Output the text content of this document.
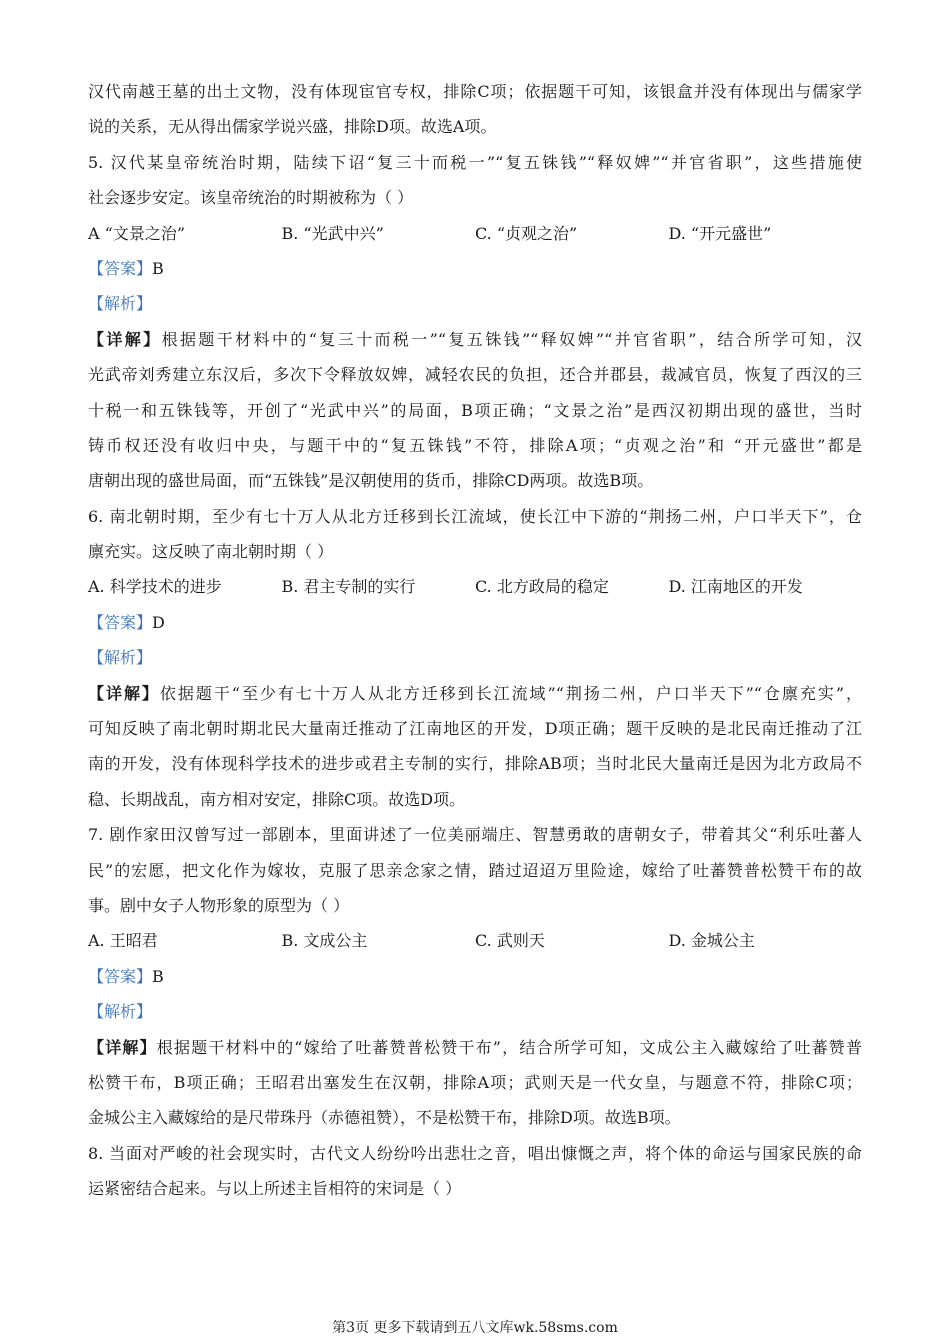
汉代南越王墓的出土文物，没有体现宦官专权，排除C项；依据题干可知，该银盒并没有体现出与儒家学
说的关系，无从得出儒家学说兴盛，排除D项。故选A项。
5. 汉代某皇帝统治时期，陆续下诏“复三十而税一”“复五铢钱”“释奴婢”“并官省职”，这些措施使
社会逐步安定。该皇帝统治的时期被称为（ ）
A “文景之治”	B. “光武中兴”	C. “贞观之治”	D. “开元盛世”
【答案】B
【解析】
【详解】根据题干材料中的“复三十而税一”“复五铢钱”“释奴婢”“并官省职”，结合所学可知，汉
光武帝刘秀建立东汉后，多次下令释放奴婢，减轻农民的负担，还合并郡县，裁减官员，恢复了西汉的三
十税一和五铢钱等，开创了“光武中兴”的局面，B项正确；“文景之治”是西汉初期出现的盛世，当时
铸币权还没有收归中央，与题干中的“复五铢钱”不符，排除A项；“贞观之治”和 “开元盛世”都是
唐朝出现的盛世局面，而“五铢钱”是汉朝使用的货币，排除CD两项。故选B项。
6. 南北朝时期，至少有七十万人从北方迁移到长江流域，使长江中下游的“荆扬二州，户口半天下”，仓
廪充实。这反映了南北朝时期（ ）
A. 科学技术的进步	B. 君主专制的实行	C. 北方政局的稳定	D. 江南地区的开发
【答案】D
【解析】
【详解】依据题干“至少有七十万人从北方迁移到长江流域”“荆扬二州，户口半天下”“仓廪充实”，
可知反映了南北朝时期北民大量南迁推动了江南地区的开发，D项正确；题干反映的是北民南迁推动了江
南的开发，没有体现科学技术的进步或君主专制的实行，排除AB项；当时北民大量南迁是因为北方政局不
稳、长期战乱，南方相对安定，排除C项。故选D项。
7. 剧作家田汉曾写过一部剧本，里面讲述了一位美丽端庄、智慧勇敢的唐朝女子，带着其父“利乐吐蕃人
民”的宏愿，把文化作为嫁妆，克服了思亲念家之情，踏过迢迢万里险途，嫁给了吐蕃赞普松赞干布的故
事。剧中女子人物形象的原型为（ ）
A. 王昭君	B. 文成公主	C. 武则天	D. 金城公主
【答案】B
【解析】
【详解】根据题干材料中的“嫁给了吐蕃赞普松赞干布”，结合所学可知，文成公主入藏嫁给了吐蕃赞普
松赞干布，B项正确；王昭君出塞发生在汉朝，排除A项；武则天是一代女皇，与题意不符，排除C项；
金城公主入藏嫁给的是尺带珠丹（赤德祖赞），不是松赞干布，排除D项。故选B项。
8. 当面对严峻的社会现实时，古代文人纷纷吟出悲壮之音，唱出慷慨之声，将个体的命运与国家民族的命
运紧密结合起来。与以上所述主旨相符的宋词是（ ）
第3页 更多下载请到五八文库wk.58sms.com
